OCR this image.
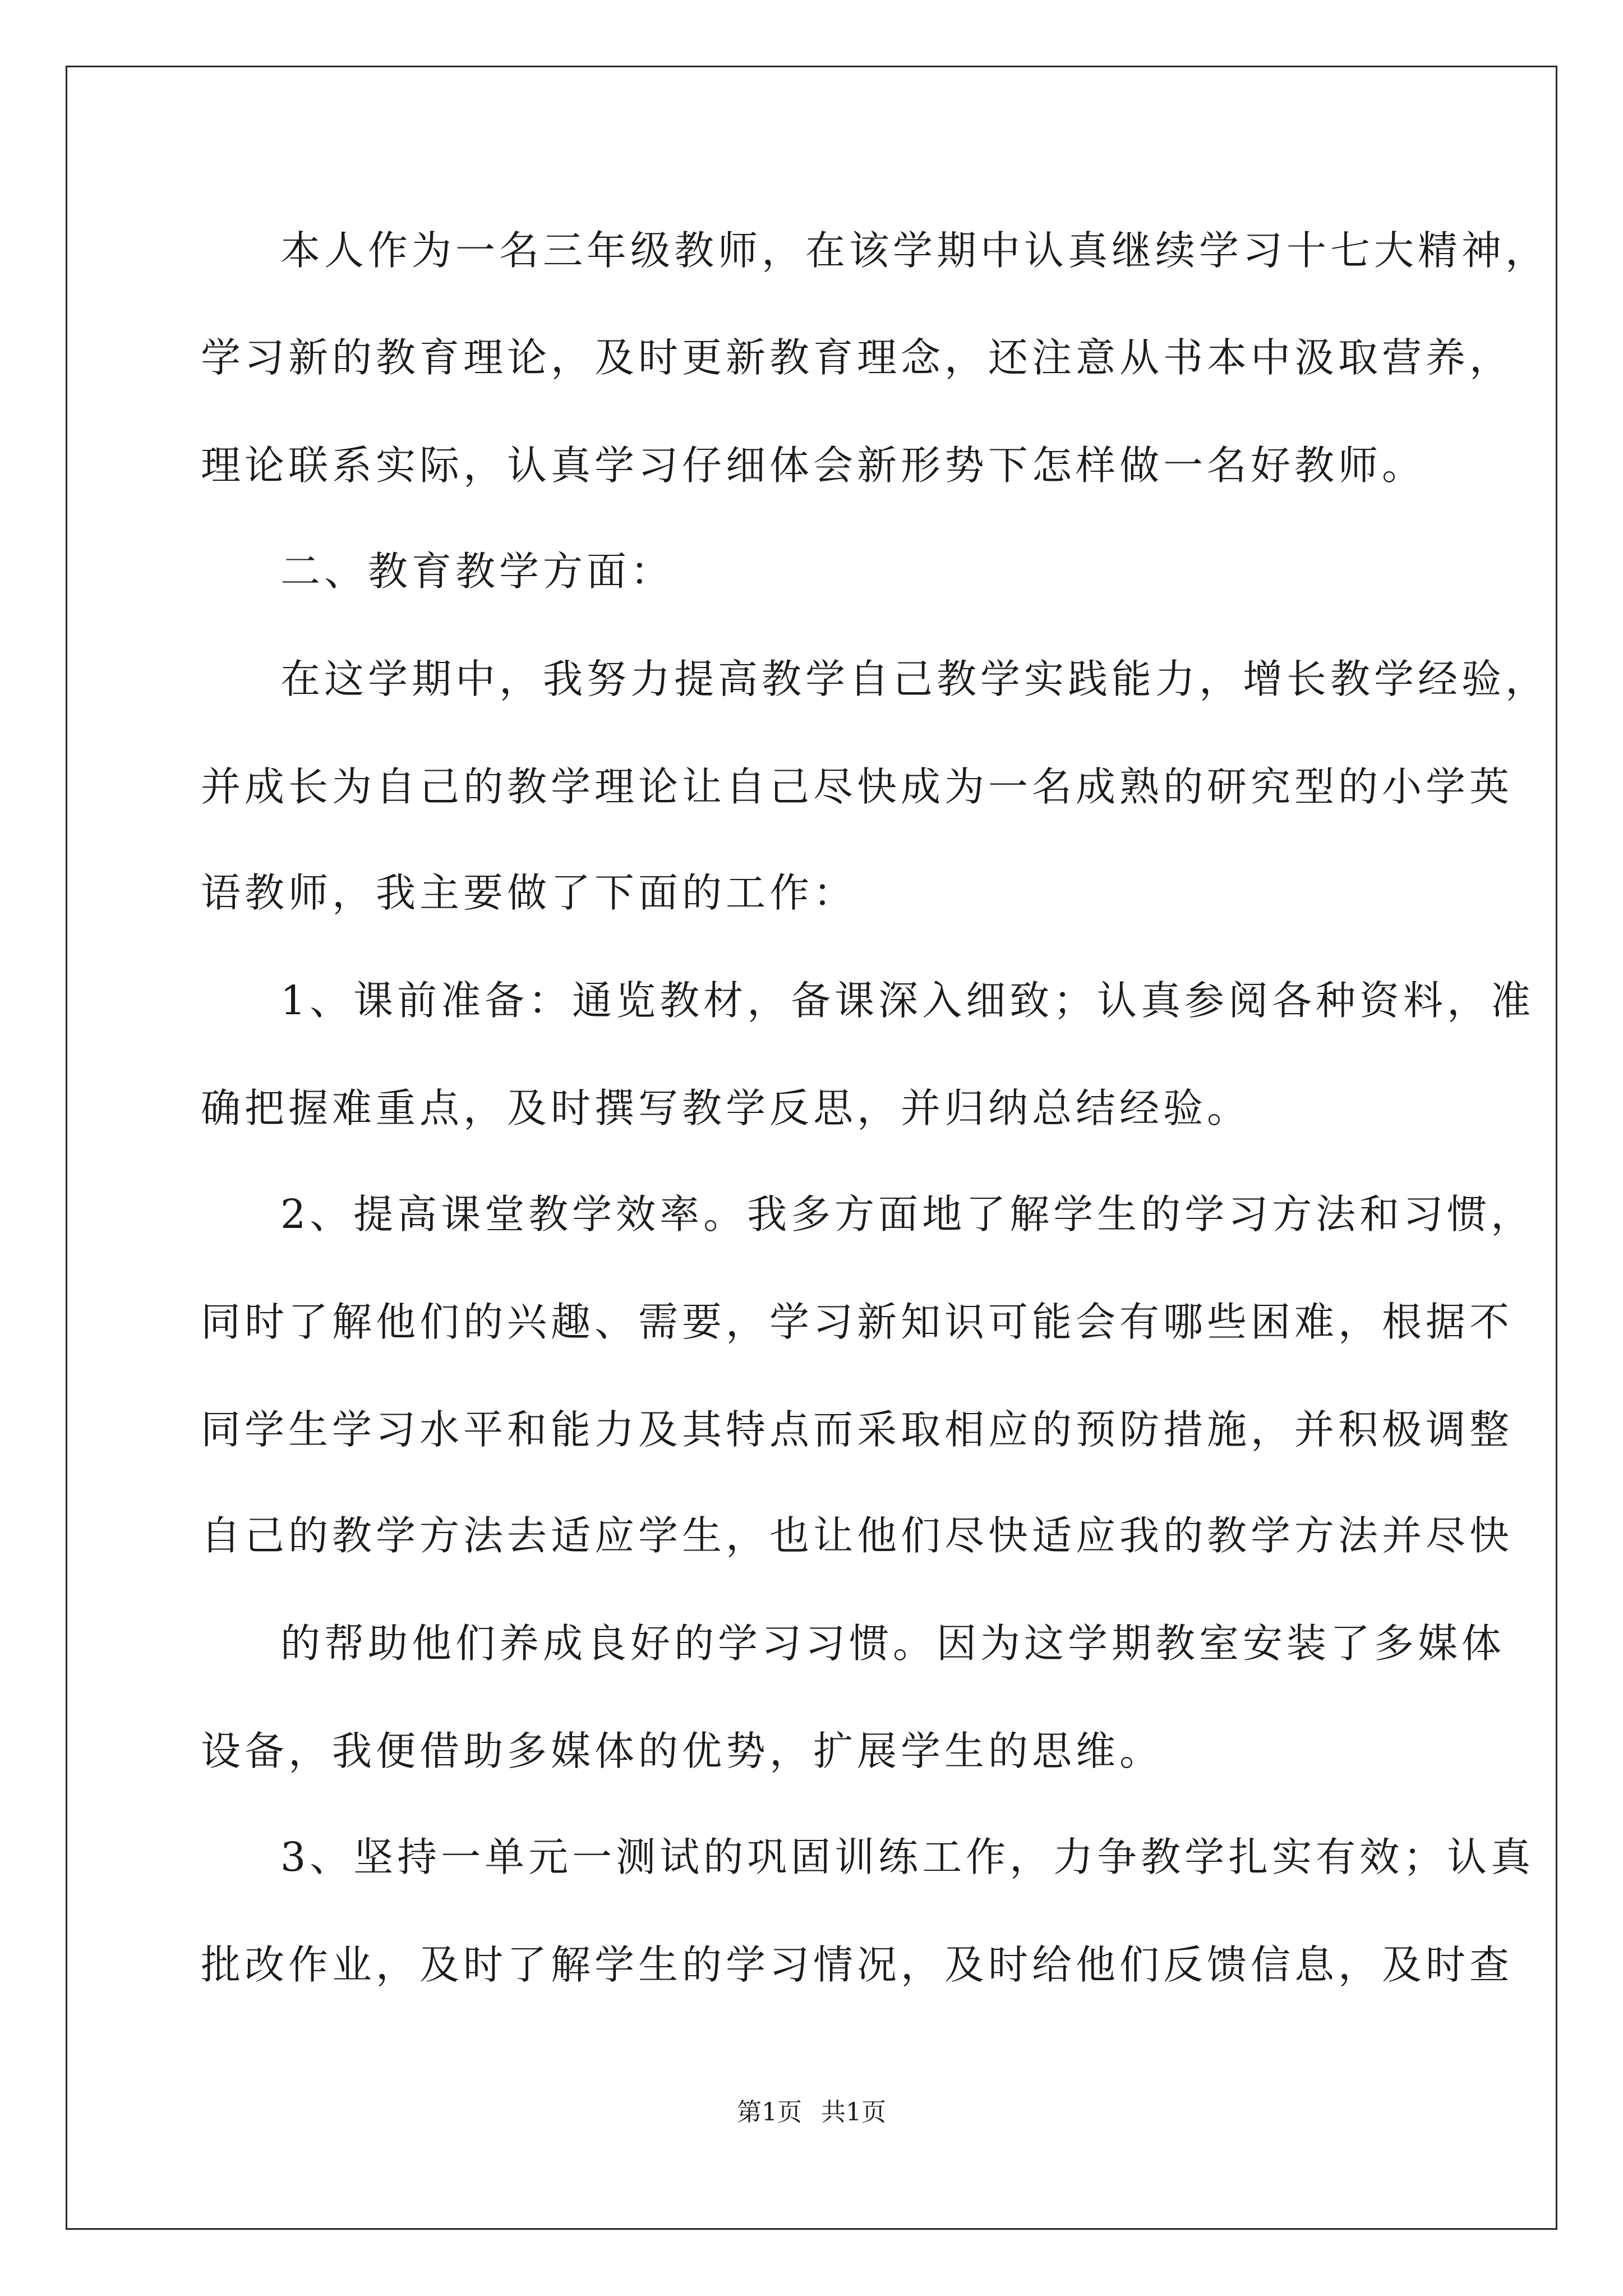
本人作为一名三年级教师，在该学期中认真继续学习十七大精神，
学习新的教育理论，及时更新教育理念，还注意从书本中汲取营养，
理论联系实际，认真学习仔细体会新形势下怎样做一名好教师。
二、教育教学方面：
在这学期中，我努力提高教学自己教学实践能力，增长教学经验，
并成长为自己的教学理论让自己尽快成为一名成熟的研究型的小学英
语教师，我主要做了下面的工作：
1、课前准备：通览教材，备课深入细致；认真参阅各种资料，准
确把握难重点，及时撰写教学反思，并归纳总结经验。
2、提高课堂教学效率。我多方面地了解学生的学习方法和习惯，
同时了解他们的兴趣、需要，学习新知识可能会有哪些困难，根据不
同学生学习水平和能力及其特点而采取相应的预防措施，并积极调整
自己的教学方法去适应学生，也让他们尽快适应我的教学方法并尽快
的帮助他们养成良好的学习习惯。因为这学期教室安装了多媒体
设备，我便借助多媒体的优势，扩展学生的思维。
3、坚持一单元一测试的巩固训练工作，力争教学扎实有效；认真
批改作业，及时了解学生的学习情况，及时给他们反馈信息，及时查
第1页 共1页
